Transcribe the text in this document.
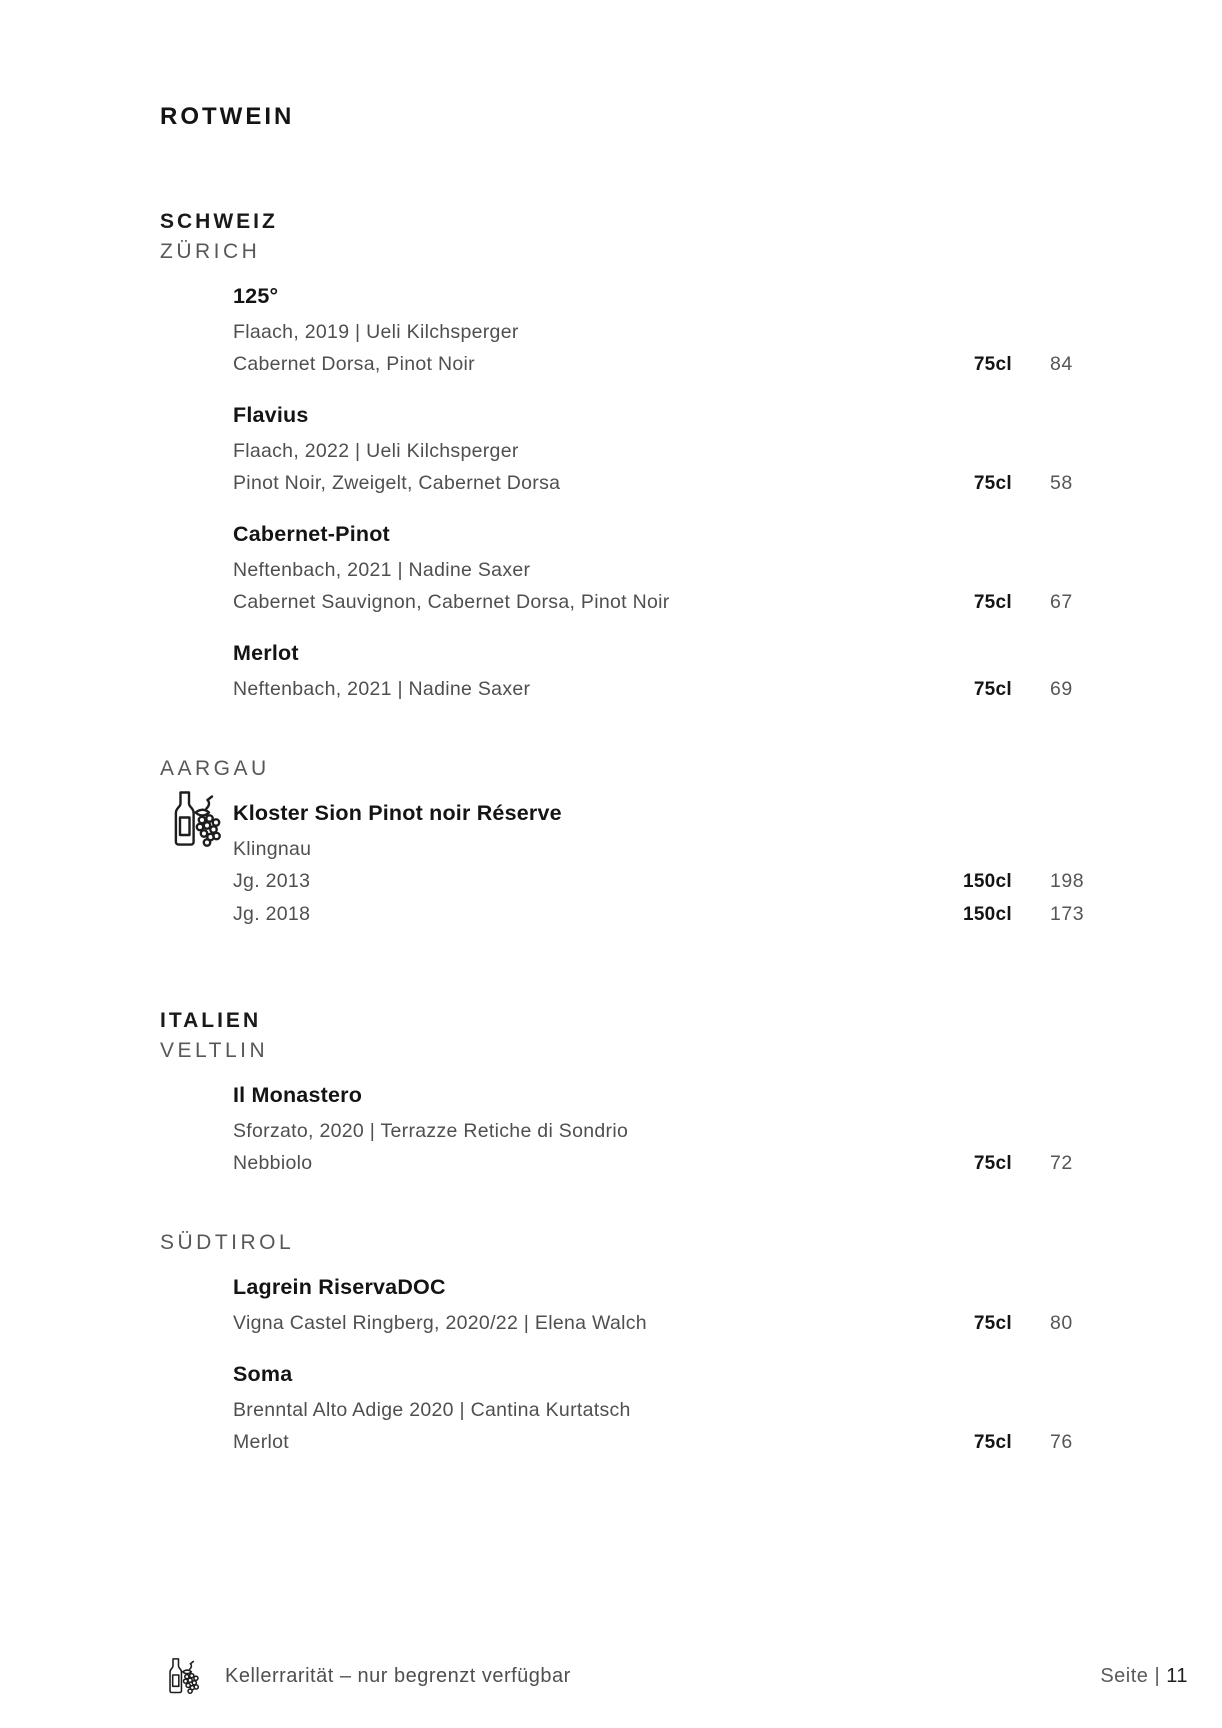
ROTWEIN
SCHWEIZ
ZÜRICH
125°
Flaach, 2019 | Ueli Kilchsperger
Cabernet Dorsa, Pinot Noir	75cl	84
Flavius
Flaach, 2022 | Ueli Kilchsperger
Pinot Noir, Zweigelt, Cabernet Dorsa	75cl	58
Cabernet-Pinot
Neftenbach, 2021 | Nadine Saxer
Cabernet Sauvignon, Cabernet Dorsa, Pinot Noir	75cl	67
Merlot
Neftenbach, 2021 | Nadine Saxer	75cl	69
AARGAU
Kloster Sion Pinot noir Réserve
Klingnau
Jg. 2013	150cl	198
Jg. 2018	150cl	173
ITALIEN
VELTLIN
Il Monastero
Sforzato, 2020 | Terrazze Retiche di Sondrio
Nebbiolo	75cl	72
SÜDTIROL
Lagrein RiservaDOC
Vigna Castel Ringberg, 2020/22 | Elena Walch	75cl	80
Soma
Brenntal Alto Adige 2020 | Cantina Kurtatsch
Merlot	75cl	76
Kellerrarität – nur begrenzt verfügbar	Seite | 11
